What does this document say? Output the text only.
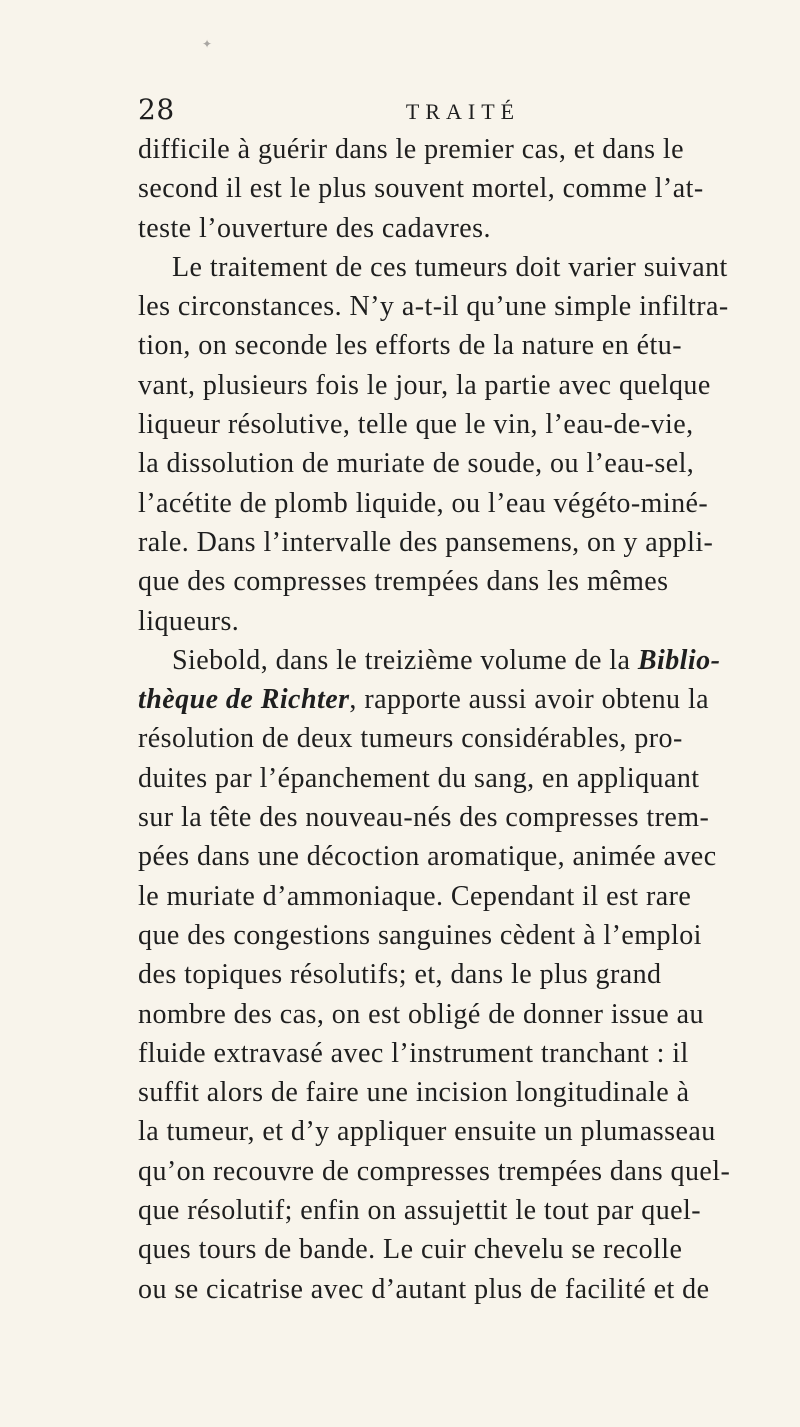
✦
28	TRAITÉ
difficile à guérir dans le premier cas, et dans le
second il est le plus souvent mortel, comme l’at-
teste l’ouverture des cadavres.
Le traitement de ces tumeurs doit varier suivant
les circonstances. N’y a-t-il qu’une simple infiltra-
tion, on seconde les efforts de la nature en étu-
vant, plusieurs fois le jour, la partie avec quelque
liqueur résolutive, telle que le vin, l’eau-de-vie,
la dissolution de muriate de soude, ou l’eau-sel,
l’acétite de plomb liquide, ou l’eau végéto-miné-
rale. Dans l’intervalle des pansemens, on y appli-
que des compresses trempées dans les mêmes
liqueurs.
Siebold, dans le treizième volume de la Biblio-
thèque de Richter, rapporte aussi avoir obtenu la
résolution de deux tumeurs considérables, pro-
duites par l’épanchement du sang, en appliquant
sur la tête des nouveau-nés des compresses trem-
pées dans une décoction aromatique, animée avec
le muriate d’ammoniaque. Cependant il est rare
que des congestions sanguines cèdent à l’emploi
des topiques résolutifs; et, dans le plus grand
nombre des cas, on est obligé de donner issue au
fluide extravasé avec l’instrument tranchant : il
suffit alors de faire une incision longitudinale à
la tumeur, et d’y appliquer ensuite un plumasseau
qu’on recouvre de compresses trempées dans quel-
que résolutif; enfin on assujettit le tout par quel-
ques tours de bande. Le cuir chevelu se recolle
ou se cicatrise avec d’autant plus de facilité et de
